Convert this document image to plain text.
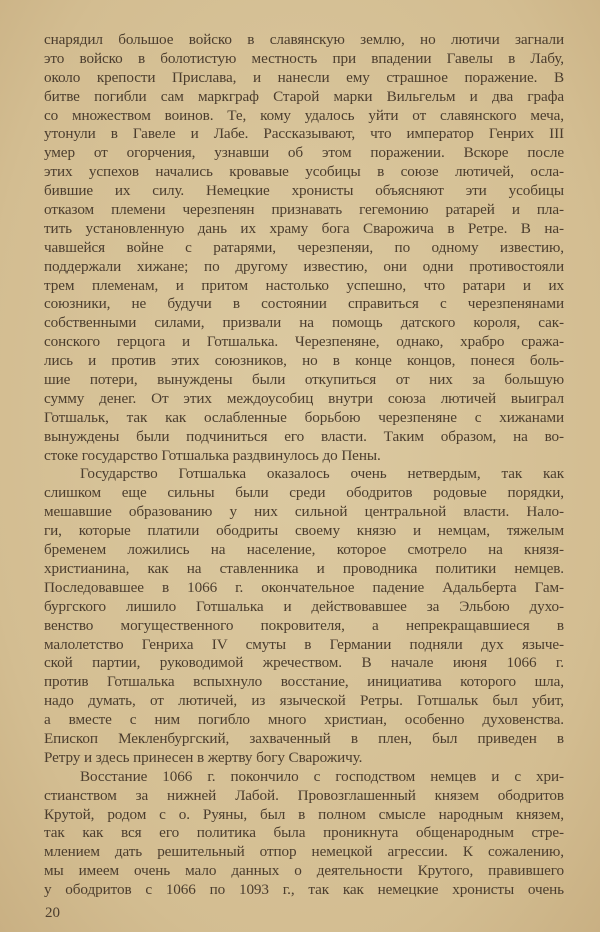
снарядил большое войско в славянскую землю, но лютичи загнали
это войско в болотистую местность при впадении Гавелы в Лабу,
около крепости Прислава, и нанесли ему страшное поражение. В
битве погибли сам маркграф Старой марки Вильгельм и два графа
со множеством воинов. Те, кому удалось уйти от славянского меча,
утонули в Гавеле и Лабе. Рассказывают, что император Генрих III
умер от огорчения, узнавши об этом поражении. Вскоре после
этих успехов начались кровавые усобицы в союзе лютичей, осла-
бившие их силу. Немецкие хронисты объясняют эти усобицы
отказом племени черезпенян признавать гегемонию ратарей и пла-
тить установленную дань их храму бога Сварожича в Ретре. В на-
чавшейся войне с ратарями, черезпеняи, по одному известию,
поддержали хижане; по другому известию, они одни противостояли
трем племенам, и притом настолько успешно, что ратари и их
союзники, не будучи в состоянии справиться с черезпенянами
собственными силами, призвали на помощь датского короля, сак-
сонского герцога и Готшалька. Черезпеняне, однако, храбро сража-
лись и против этих союзников, но в конце концов, понеся боль-
шие потери, вынуждены были откупиться от них за большую
сумму денег. От этих междоусобиц внутри союза лютичей выиграл
Готшальк, так как ослабленные борьбою черезпеняне с хижанами
вынуждены были подчиниться его власти. Таким образом, на во-
стоке государство Готшалька раздвинулось до Пены.
Государство Готшалька оказалось очень нетвердым, так как
слишком еще сильны были среди ободритов родовые порядки,
мешавшие образованию у них сильной центральной власти. Нало-
ги, которые платили ободриты своему князю и немцам, тяжелым
бременем ложились на население, которое смотрело на князя-
христианина, как на ставленника и проводника политики немцев.
Последовавшее в 1066 г. окончательное падение Адальберта Гам-
бургского лишило Готшалька и действовавшее за Эльбою духо-
венство могущественного покровителя, а непрекращавшиеся в
малолетство Генриха IV смуты в Германии подняли дух языче-
ской партии, руководимой жречеством. В начале июня 1066 г.
против Готшалька вспыхнуло восстание, инициатива которого шла,
надо думать, от лютичей, из языческой Ретры. Готшальк был убит,
а вместе с ним погибло много христиан, особенно духовенства.
Епископ Мекленбургский, захваченный в плен, был приведен в
Ретру и здесь принесен в жертву богу Сварожичу.
Восстание 1066 г. покончило с господством немцев и с хри-
стианством за нижней Лабой. Провозглашенный князем ободритов
Крутой, родом с о. Руяны, был в полном смысле народным князем,
так как вся его политика была проникнута общенародным стре-
млением дать решительный отпор немецкой агрессии. К сожалению,
мы имеем очень мало данных о деятельности Крутого, правившего
у ободритов с 1066 по 1093 г., так как немецкие хронисты очень
20
